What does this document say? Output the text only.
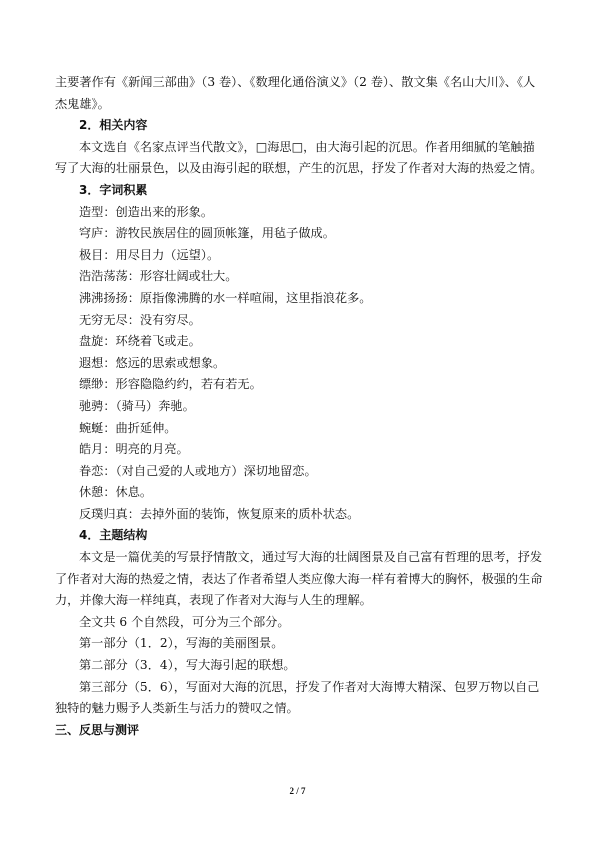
主要著作有《新闻三部曲》（3 卷）、《数理化通俗演义》（2 卷）、散文集《名山大川》、《人杰鬼雄》。

2．相关内容

本文选自《名家点评当代散文》，□海思□，由大海引起的沉思。作者用细腻的笔触描写了大海的壮丽景色，以及由海引起的联想，产生的沉思，抒发了作者对大海的热爱之情。

3．字词积累

造型：创造出来的形象。

穹庐：游牧民族居住的圆顶帐篷，用毡子做成。

极目：用尽目力（远望）。

浩浩荡荡：形容壮阔或壮大。

沸沸扬扬：原指像沸腾的水一样喧闹，这里指浪花多。

无穷无尽：没有穷尽。

盘旋：环绕着飞或走。

遐想：悠远的思索或想象。

缥缈：形容隐隐约约，若有若无。

驰骋：（骑马）奔驰。

蜿蜒：曲折延伸。

皓月：明亮的月亮。

眷恋：（对自己爱的人或地方）深切地留恋。

休憩：休息。

反璞归真：去掉外面的装饰，恢复原来的质朴状态。

4．主题结构

本文是一篇优美的写景抒情散文，通过写大海的壮阔图景及自己富有哲理的思考，抒发了作者对大海的热爱之情，表达了作者希望人类应像大海一样有着博大的胸怀，极强的生命力，并像大海一样纯真，表现了作者对大海与人生的理解。

全文共 6 个自然段，可分为三个部分。

第一部分（1．2），写海的美丽图景。

第二部分（3．4），写大海引起的联想。

第三部分（5．6），写面对大海的沉思，抒发了作者对大海博大精深、包罗万物以自己独特的魅力赐予人类新生与活力的赞叹之情。

三、反思与测评

2 / 7
